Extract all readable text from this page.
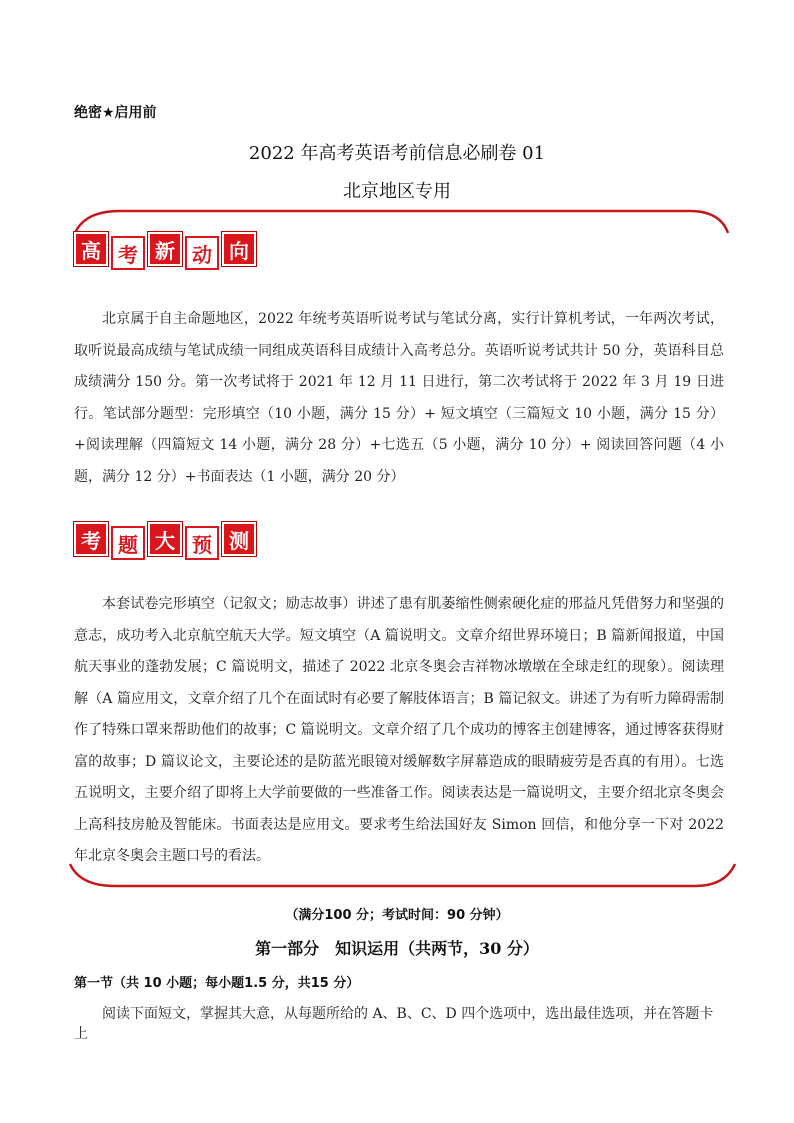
绝密★启用前
2022 年高考英语考前信息必刷卷 01
北京地区专用
高 考 新 动 向

北京属于自主命题地区，2022 年统考英语听说考试与笔试分离，实行计算机考试，一年两次考试，取听说最高成绩与笔试成绩一同组成英语科目成绩计入高考总分。英语听说考试共计 50 分，英语科目总成绩满分 150 分。第一次考试将于 2021 年 12 月 11 日进行，第二次考试将于 2022 年 3 月 19 日进行。笔试部分题型：完形填空（10 小题，满分 15 分）+ 短文填空（三篇短文 10 小题，满分 15 分）+阅读理解（四篇短文 14 小题，满分 28 分）+七选五（5 小题，满分 10 分）+ 阅读回答问题（4 小题，满分 12 分）+书面表达（1 小题，满分 20 分）

考 题 大 预 测

本套试卷完形填空（记叙文；励志故事）讲述了患有肌萎缩性侧索硬化症的邢益凡凭借努力和坚强的意志，成功考入北京航空航天大学。短文填空（A 篇说明文。文章介绍世界环境日；B 篇新闻报道，中国航天事业的蓬勃发展；C 篇说明文，描述了 2022 北京冬奥会吉祥物冰墩墩在全球走红的现象）。阅读理解（A 篇应用文，文章介绍了几个在面试时有必要了解肢体语言；B 篇记叙文。讲述了为有听力障碍需制作了特殊口罩来帮助他们的故事；C 篇说明文。文章介绍了几个成功的博客主创建博客，通过博客获得财富的故事；D 篇议论文，主要论述的是防蓝光眼镜对缓解数字屏幕造成的眼睛疲劳是否真的有用）。七选五说明文，主要介绍了即将上大学前要做的一些准备工作。阅读表达是一篇说明文，主要介绍北京冬奥会上高科技房舱及智能床。书面表达是应用文。要求考生给法国好友 Simon 回信，和他分享一下对 2022 年北京冬奥会主题口号的看法。

（满分100 分；考试时间：90 分钟）
第一部分　知识运用（共两节，30 分）
第一节（共 10 小题；每小题1.5 分，共15 分）
阅读下面短文，掌握其大意，从每题所给的 A、B、C、D 四个选项中，选出最佳选项，并在答题卡上
